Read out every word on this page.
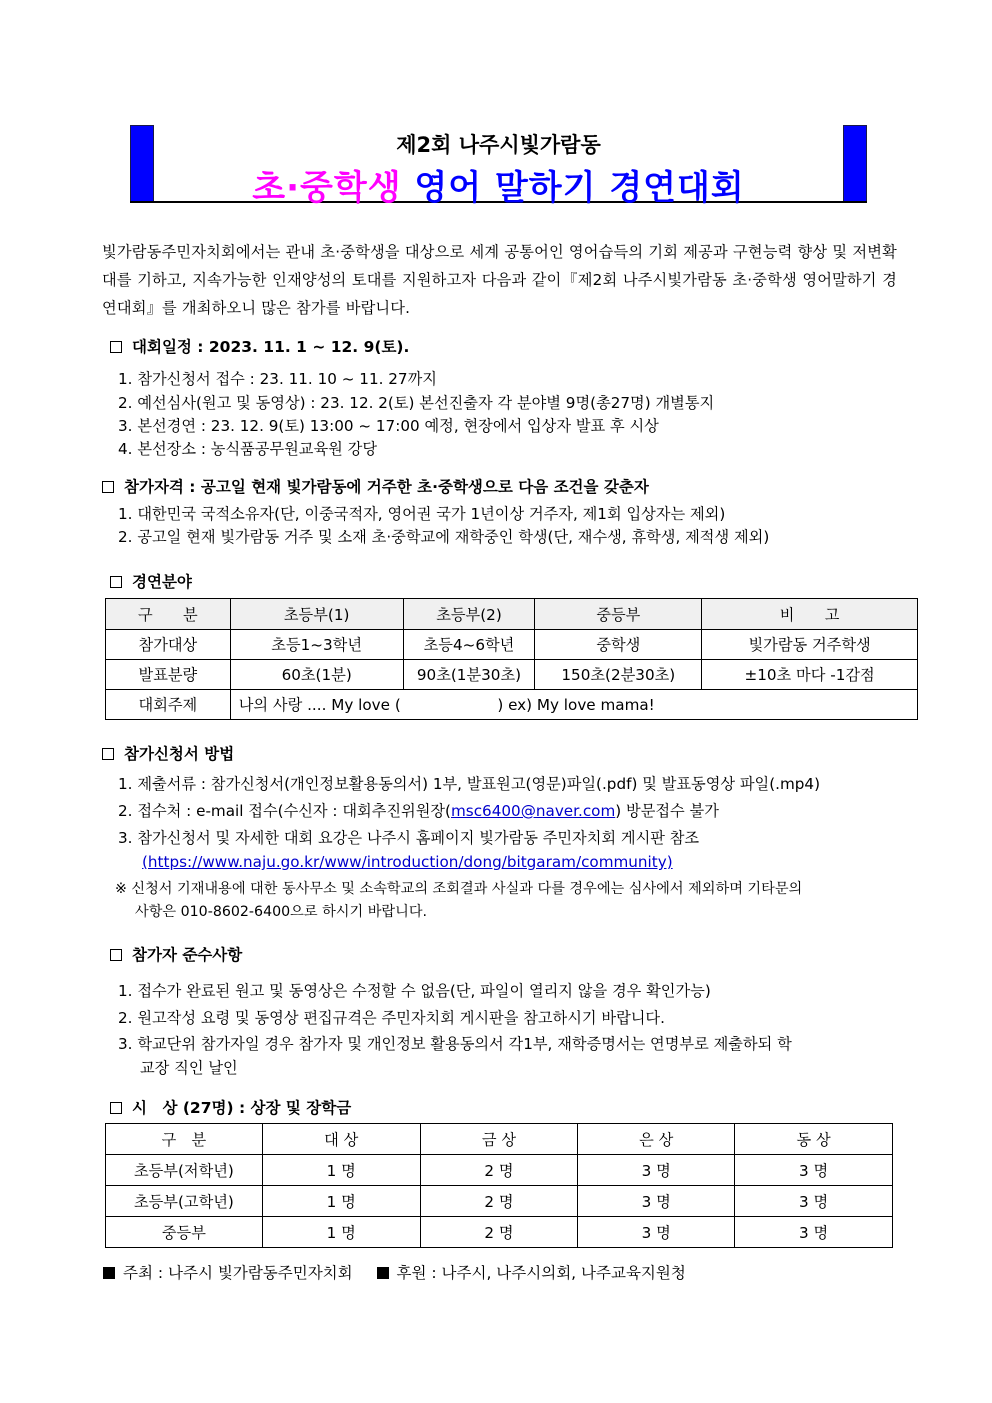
제2회 나주시빛가람동
초·중학생 영어 말하기 경연대회
빛가람동주민자치회에서는 관내 초·중학생을 대상으로 세계 공통어인 영어습득의 기회 제공과 구현능력 향상 및 저변확대를 기하고, 지속가능한 인재양성의 토대를 지원하고자 다음과 같이『제2회 나주시빛가람동 초·중학생 영어말하기 경연대회』를 개최하오니 많은 참가를 바랍니다.
대회일정 : 2023. 11. 1 ~ 12. 9(토).
1. 참가신청서 접수 : 23. 11. 10 ~ 11. 27까지
2. 예선심사(원고 및 동영상) : 23. 12. 2(토) 본선진출자 각 분야별 9명(총27명) 개별통지
3. 본선경연 : 23. 12. 9(토) 13:00 ~ 17:00 예정, 현장에서 입상자 발표 후 시상
4. 본선장소 : 농식품공무원교육원 강당
참가자격 : 공고일 현재 빛가람동에 거주한 초·중학생으로 다음 조건을 갖춘자
1. 대한민국 국적소유자(단, 이중국적자, 영어권 국가 1년이상 거주자, 제1회 입상자는 제외)
2. 공고일 현재 빛가람동 거주 및 소재 초·중학교에 재학중인 학생(단, 재수생, 휴학생, 제적생 제외)
경연분야
구　　분	초등부(1)	초등부(2)	중등부	비　　고
참가대상	초등1~3학년	초등4~6학년	중학생	빛가람동 거주학생
발표분량	60초(1분)	90초(1분30초)	150초(2분30초)	±10초 마다 -1감점
대회주제	나의 사랑 .... My love (                    ) ex) My love mama!			
참가신청서 방법
1. 제출서류 : 참가신청서(개인정보활용동의서) 1부, 발표원고(영문)파일(.pdf) 및 발표동영상 파일(.mp4)
2. 접수처 : e-mail 접수(수신자 : 대회추진위원장(msc6400@naver.com) 방문접수 불가
3. 참가신청서 및 자세한 대회 요강은 나주시 홈페이지 빛가람동 주민자치회 게시판 참조
(https://www.naju.go.kr/www/introduction/dong/bitgaram/community)
※ 신청서 기재내용에 대한 동사무소 및 소속학교의 조회결과 사실과 다를 경우에는 심사에서 제외하며 기타문의
사항은 010-8602-6400으로 하시기 바랍니다.
참가자 준수사항
1. 접수가 완료된 원고 및 동영상은 수정할 수 없음(단, 파일이 열리지 않을 경우 확인가능)
2. 원고작성 요령 및 동영상 편집규격은 주민자치회 게시판을 참고하시기 바랍니다.
3. 학교단위 참가자일 경우 참가자 및 개인정보 활용동의서 각1부, 재학증명서는 연명부로 제출하되 학
교장 직인 날인
시　상 (27명) : 상장 및 장학금
구　분	대 상	금 상	은 상	동 상
초등부(저학년)	1 명	2 명	3 명	3 명
초등부(고학년)	1 명	2 명	3 명	3 명
중등부	1 명	2 명	3 명	3 명
주최 : 나주시 빛가람동주민자치회	후원 : 나주시, 나주시의회, 나주교육지원청
